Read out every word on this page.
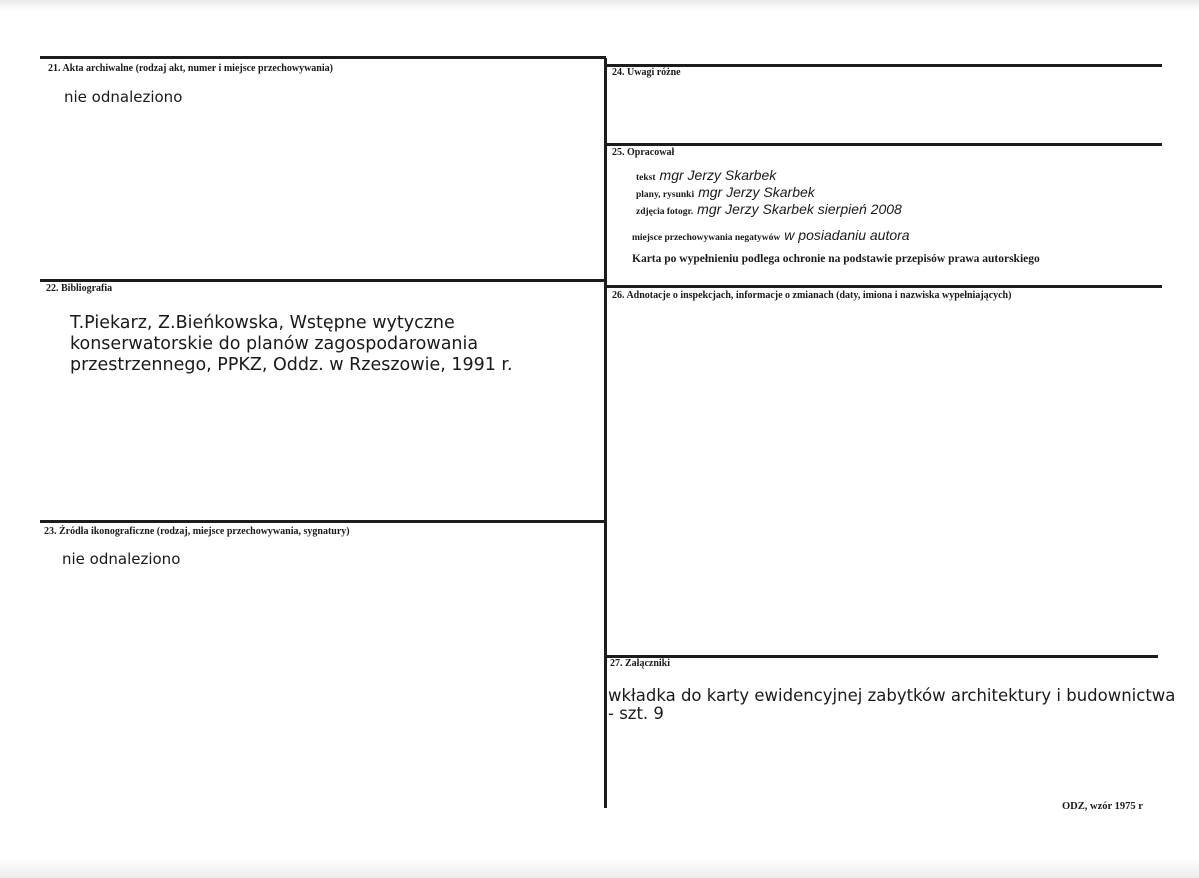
21. Akta archiwalne (rodzaj akt, numer i miejsce przechowywania)
nie odnaleziono
22. Bibliografia
T.Piekarz, Z.Bieńkowska, Wstępne wytyczne
konserwatorskie do planów zagospodarowania
przestrzennego, PPKZ, Oddz. w Rzeszowie, 1991 r.
23. Źródła ikonograficzne (rodzaj, miejsce przechowywania, sygnatury)
nie odnaleziono
24. Uwagi różne
25. Opracował
tekst mgr Jerzy Skarbek
plany, rysunki mgr Jerzy Skarbek
zdjęcia fotogr. mgr Jerzy Skarbek sierpień 2008
miejsce przechowywania negatywów w posiadaniu autora
Karta po wypełnieniu podlega ochronie na podstawie przepisów prawa autorskiego
26. Adnotacje o inspekcjach, informacje o zmianach (daty, imiona i nazwiska wypełniających)
27. Załączniki
wkładka do karty ewidencyjnej zabytków architektury i budownictwa
- szt. 9
ODZ, wzór 1975 r
